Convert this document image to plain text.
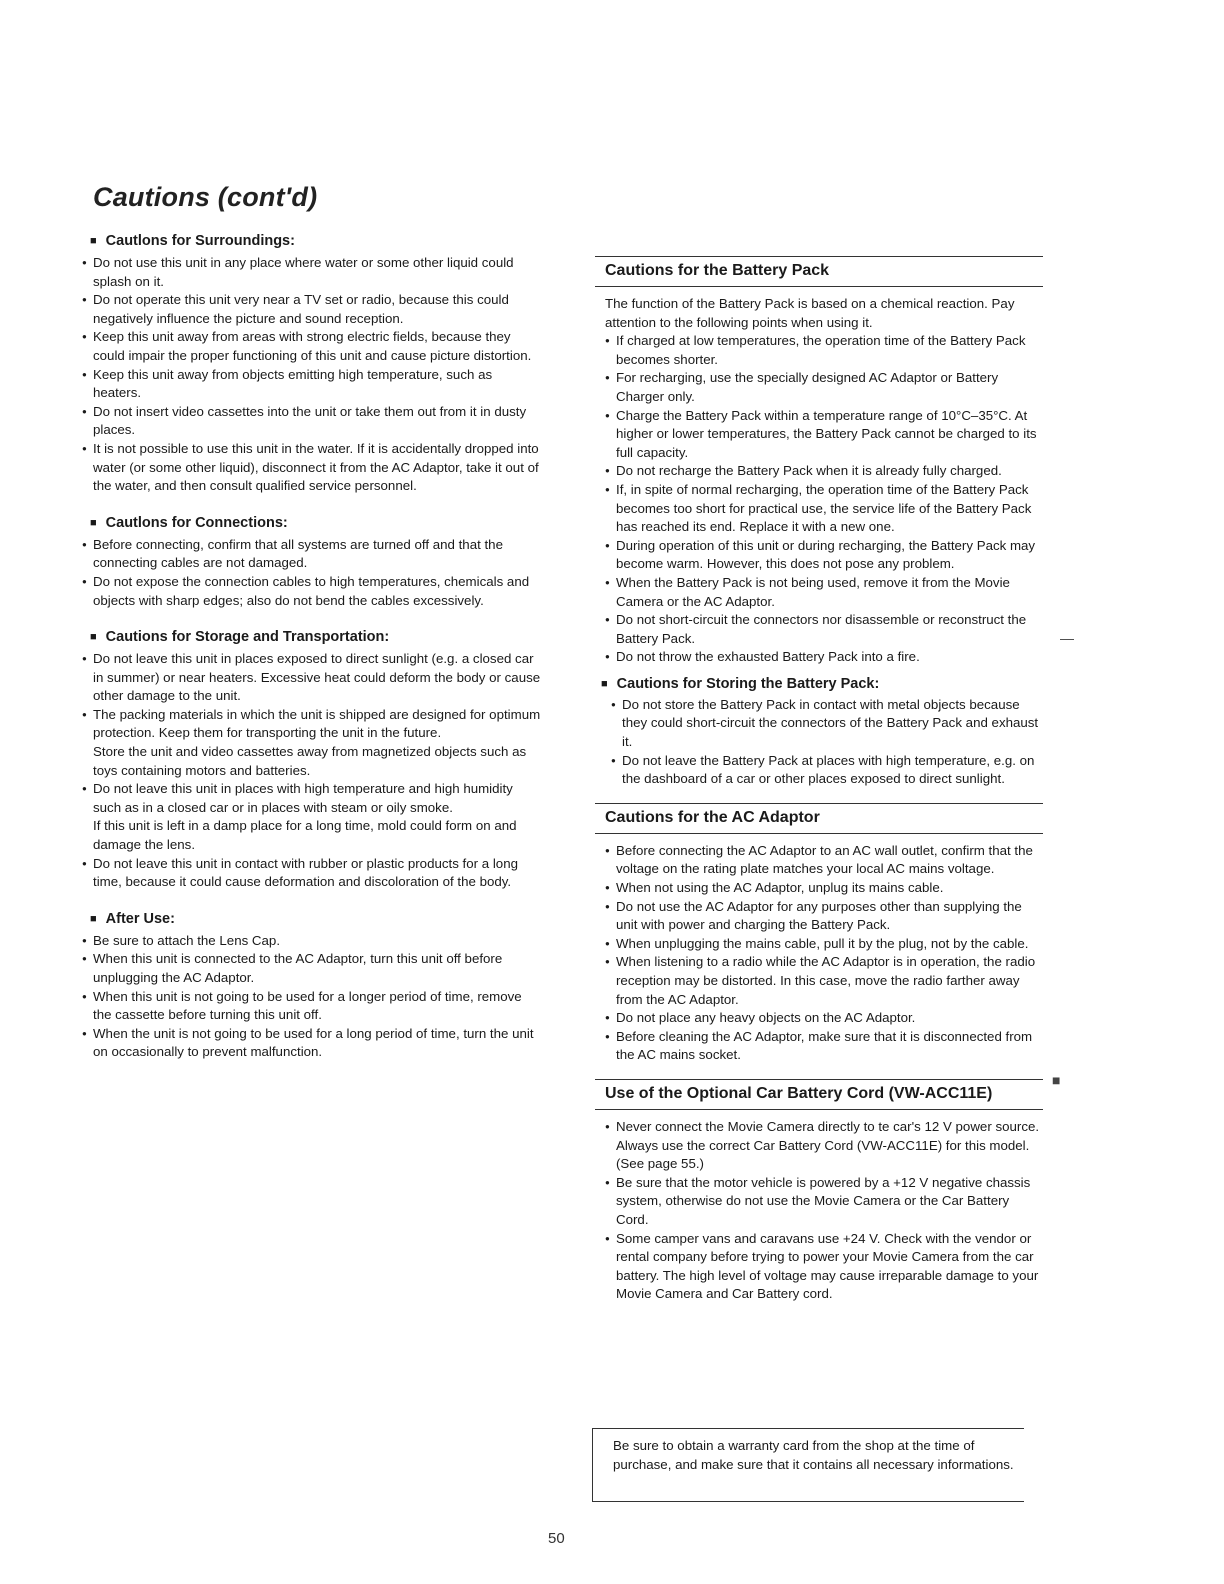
Cautions (cont'd)
■ Cautlons for Surroundings:
● Do not use this unit in any place where water or some other liquid could splash on it.
● Do not operate this unit very near a TV set or radio, because this could negatively influence the picture and sound reception.
● Keep this unit away from areas with strong electric fields, because they could impair the proper functioning of this unit and cause picture distortion.
● Keep this unit away from objects emitting high temperature, such as heaters.
● Do not insert video cassettes into the unit or take them out from it in dusty places.
● It is not possible to use this unit in the water. If it is accidentally dropped into water (or some other liquid), disconnect it from the AC Adaptor, take it out of the water, and then consult qualified service personnel.
■ Cautlons for Connections:
● Before connecting, confirm that all systems are turned off and that the connecting cables are not damaged.
● Do not expose the connection cables to high temperatures, chemicals and objects with sharp edges; also do not bend the cables excessively.
■ Cautions for Storage and Transportation:

● Do not leave this unit in places exposed to direct sunlight (e.g. a closed car in summer) or near heaters. Excessive heat could deform the body or cause other damage to the unit.

● The packing materials in which the unit is shipped are designed for optimum protection. Keep them for transporting the unit in the future.

Store the unit and video cassettes away from magnetized objects such as toys containing motors and batteries.

● Do not leave this unit in places with high temperature and high humidity such as in a closed car or in places with steam or oily smoke.

If this unit is left in a damp place for a long time, mold could form on and damage the lens.

● Do not leave this unit in contact with rubber or plastic products for a long time, because it could cause deformation and discoloration of the body.

■ After Use:
● Be sure to attach the Lens Cap.
● When this unit is connected to the AC Adaptor, turn this unit off before unplugging the AC Adaptor.
● When this unit is not going to be used for a longer period of time, remove the cassette before turning this unit off.
● When the unit is not going to be used for a long period of time, turn the unit on occasionally to prevent malfunction.
Cautions for the Battery Pack

The function of the Battery Pack is based on a chemical reaction. Pay attention to the following points when using it.

● If charged at low temperatures, the operation time of the Battery Pack becomes shorter.
● For recharging, use the specially designed AC Adaptor or Battery Charger only.
● Charge the Battery Pack within a temperature range of 10°C–35°C. At higher or lower temperatures, the Battery Pack cannot be charged to its full capacity.
● Do not recharge the Battery Pack when it is already fully charged.
● If, in spite of normal recharging, the operation time of the Battery Pack becomes too short for practical use, the service life of the Battery Pack has reached its end. Replace it with a new one.
● During operation of this unit or during recharging, the Battery Pack may become warm. However, this does not pose any problem.
● When the Battery Pack is not being used, remove it from the Movie Camera or the AC Adaptor.
● Do not short-circuit the connectors nor disassemble or reconstruct the Battery Pack.
● Do not throw the exhausted Battery Pack into a fire.
■ Cautions for Storing the Battery Pack:
● Do not store the Battery Pack in contact with metal objects because they could short-circuit the connectors of the Battery Pack and exhaust it.
● Do not leave the Battery Pack at places with high temperature, e.g. on the dashboard of a car or other places exposed to direct sunlight.
Cautions for the AC Adaptor
● Before connecting the AC Adaptor to an AC wall outlet, confirm that the voltage on the rating plate matches your local AC mains voltage.
● When not using the AC Adaptor, unplug its mains cable.
● Do not use the AC Adaptor for any purposes other than supplying the unit with power and charging the Battery Pack.
● When unplugging the mains cable, pull it by the plug, not by the cable.
● When listening to a radio while the AC Adaptor is in operation, the radio reception may be distorted. In this case, move the radio farther away from the AC Adaptor.
● Do not place any heavy objects on the AC Adaptor.
● Before cleaning the AC Adaptor, make sure that it is disconnected from the AC mains socket.
Use of the Optional Car Battery Cord (VW-ACC11E)
● Never connect the Movie Camera directly to te car's 12 V power source. Always use the correct Car Battery Cord (VW-ACC11E) for this model. (See page 55.)
● Be sure that the motor vehicle is powered by a +12 V negative chassis system, otherwise do not use the Movie Camera or the Car Battery Cord.
● Some camper vans and caravans use +24 V. Check with the vendor or rental company before trying to power your Movie Camera from the car battery. The high level of voltage may cause irreparable damage to your Movie Camera and Car Battery cord.
Be sure to obtain a warranty card from the shop at the time of purchase, and make sure that it contains all necessary informations.
50
—
■
